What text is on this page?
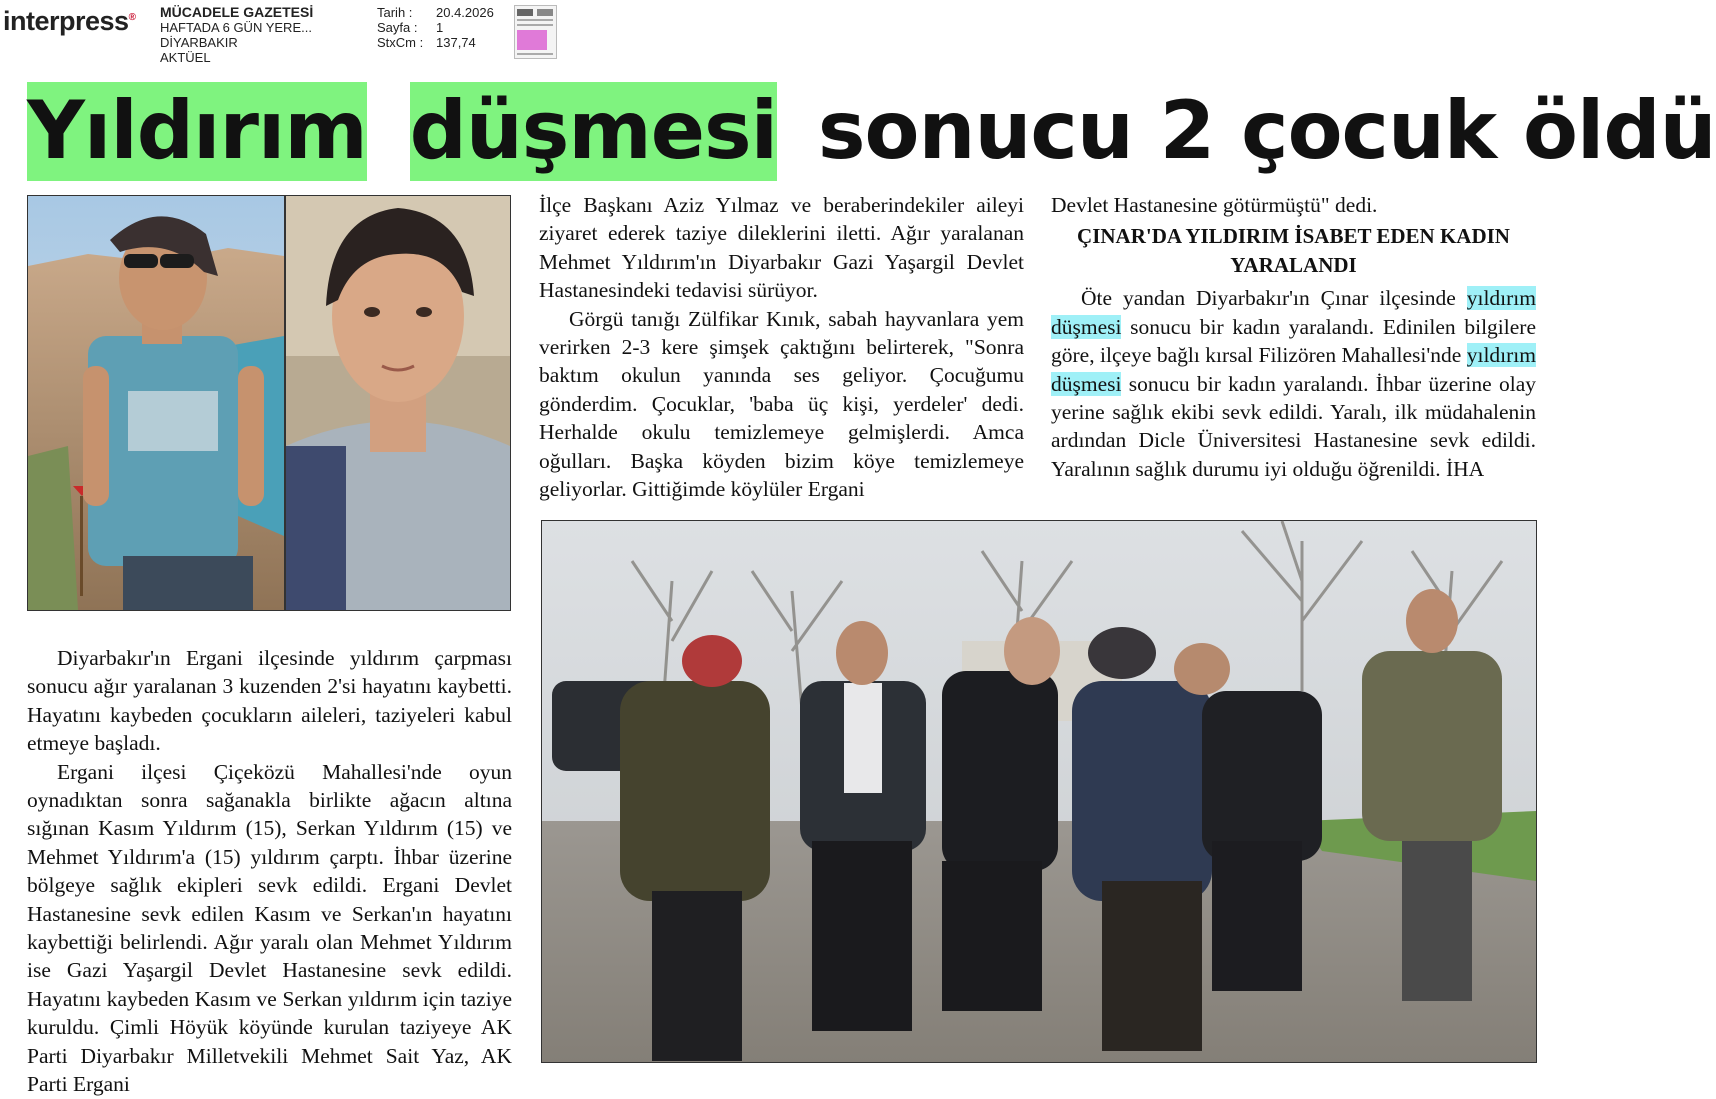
interpress® MÜCADELE GAZETESİ
HAFTADA 6 GÜN YERE...
DİYARBAKIR
AKTÜEL
Tarih : 20.4.2026
Sayfa : 1
StxCm : 137,74
Yıldırım düşmesi sonucu 2 çocuk öldü

Diyarbakır'ın Ergani ilçesinde yıldırım çarpması sonucu ağır yaralanan 3 kuzenden 2'si hayatını kaybetti. Hayatını kaybeden çocukların aileleri, taziyeleri kabul etmeye başladı.

Ergani ilçesi Çiçeközü Mahallesi'nde oyun oynadıktan sonra sağanakla birlikte ağacın altına sığınan Kasım Yıldırım (15), Serkan Yıldırım (15) ve Mehmet Yıldırım'a (15) yıldırım çarptı. İhbar üzerine bölgeye sağlık ekipleri sevk edildi. Ergani Devlet Hastanesine sevk edilen Kasım ve Serkan'ın hayatını kaybettiği belirlendi. Ağır yaralı olan Mehmet Yıldırım ise Gazi Yaşargil Devlet Hastanesine sevk edildi. Hayatını kaybeden Kasım ve Serkan yıldırım için taziye kuruldu. Çimli Höyük köyünde kurulan taziyeye AK Parti Diyarbakır Milletvekili Mehmet Sait Yaz, AK Parti Ergani

İlçe Başkanı Aziz Yılmaz ve beraberindekiler aileyi ziyaret ederek taziye dileklerini iletti. Ağır yaralanan Mehmet Yıldırım'ın Diyarbakır Gazi Yaşargil Devlet Hastanesindeki tedavisi sürüyor.

Görgü tanığı Zülfikar Kınık, sabah hayvanlara yem verirken 2-3 kere şimşek çaktığını belirterek, "Sonra baktım okulun yanında ses geliyor. Çocuğumu gönderdim. Çocuklar, 'baba üç kişi, yerdeler' dedi. Herhalde okulu temizlemeye gelmişlerdi. Amca oğulları. Başka köyden bizim köye temizlemeye geliyorlar. Gittiğimde köylüler Ergani

Devlet Hastanesine götürmüştü" dedi.

ÇINAR'DA YILDIRIM İSABET EDEN KADIN YARALANDI

Öte yandan Diyarbakır'ın Çınar ilçesinde yıldırım düşmesi sonucu bir kadın yaralandı. Edinilen bilgilere göre, ilçeye bağlı kırsal Filizören Mahallesi'nde yıldırım düşmesi sonucu bir kadın yaralandı. İhbar üzerine olay yerine sağlık ekibi sevk edildi. Yaralı, ilk müdahalenin ardından Dicle Üniversitesi Hastanesine sevk edildi. Yaralının sağlık durumu iyi olduğu öğrenildi. İHA
